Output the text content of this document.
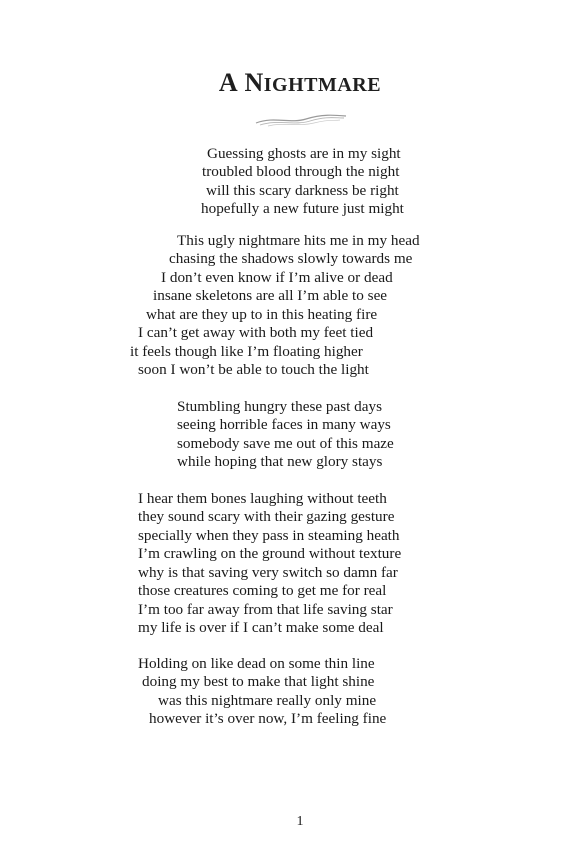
A NIGHTMARE
Guessing ghosts are in my sight
troubled blood through the night
will this scary darkness be right
hopefully a new future just might
This ugly nightmare hits me in my head
chasing the shadows slowly towards me
I don’t even know if I’m alive or dead
insane skeletons are all I’m able to see
what are they up to in this heating fire
I can’t get away with both my feet tied
it feels though like I’m floating higher
soon I won’t be able to touch the light
Stumbling hungry these past days
seeing horrible faces in many ways
somebody save me out of this maze
while hoping that new glory stays
I hear them bones laughing without teeth
they sound scary with their gazing gesture
specially when they pass in steaming heath
I’m crawling on the ground without texture
why is that saving very switch so damn far
those creatures coming to get me for real
I’m too far away from that life saving star
my life is over if I can’t make some deal
Holding on like dead on some thin line
doing my best to make that light shine
was this nightmare really only mine
however it’s over now, I’m feeling fine
1
